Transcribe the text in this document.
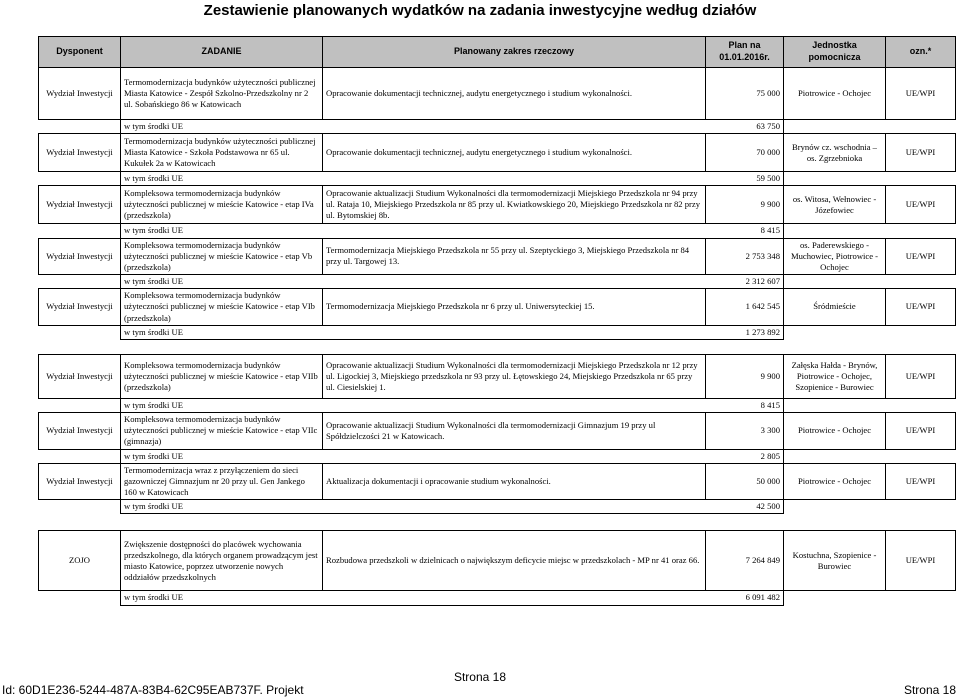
Zestawienie planowanych wydatków na zadania inwestycyjne według działów
Dysponent	ZADANIE	Planowany zakres rzeczowy	Plan na 01.01.2016r.	Jednostka pomocnicza	ozn.*
Wydział Inwestycji	Termomodernizacja budynków użyteczności publicznej Miasta Katowice - Zespół Szkolno-Przedszkolny nr 2 ul. Sobańskiego 86 w Katowicach	Opracowanie dokumentacji technicznej, audytu energetycznego i studium wykonalności.	75 000	Piotrowice - Ochojec	UE/WPI
	w tym środki UE		63 750		
Wydział Inwestycji	Termomodernizacja budynków użyteczności publicznej Miasta Katowice - Szkoła Podstawowa nr 65 ul. Kukułek 2a w Katowicach	Opracowanie dokumentacji technicznej, audytu energetycznego i studium wykonalności.	70 000	Brynów cz. wschodnia – os. Zgrzebnioka	UE/WPI
	w tym środki UE		59 500		
Wydział Inwestycji	Kompleksowa termomodernizacja budynków użyteczności publicznej w mieście Katowice - etap IVa (przedszkola)	Opracowanie aktualizacji Studium Wykonalności dla termomodernizacji Miejskiego Przedszkola nr 94 przy ul. Rataja 10, Miejskiego Przedszkola nr 85 przy ul. Kwiatkowskiego 20, Miejskiego Przedszkola nr 82 przy ul. Bytomskiej 8b.	9 900	os. Witosa, Wełnowiec - Józefowiec	UE/WPI
	w tym środki UE		8 415		
Wydział Inwestycji	Kompleksowa termomodernizacja budynków użyteczności publicznej w mieście Katowice - etap Vb (przedszkola)	Termomodernizacja Miejskiego Przedszkola nr 55 przy ul. Szeptyckiego 3, Miejskiego Przedszkola nr 84 przy ul. Targowej 13.	2 753 348	os. Paderewskiego - Muchowiec, Piotrowice - Ochojec	UE/WPI
	w tym środki UE		2 312 607		
Wydział Inwestycji	Kompleksowa termomodernizacja budynków użyteczności publicznej w mieście Katowice - etap VIb (przedszkola)	Termomodernizacja Miejskiego Przedszkola nr 6 przy ul. Uniwersyteckiej 15.	1 642 545	Śródmieście	UE/WPI
	w tym środki UE		1 273 892		

Wydział Inwestycji	Kompleksowa termomodernizacja budynków użyteczności publicznej w mieście Katowice - etap VIIb (przedszkola)	Opracowanie aktualizacji Studium Wykonalności dla termomodernizacji Miejskiego Przedszkola nr 12 przy ul. Ligockiej 3, Miejskiego przedszkola nr 93 przy ul. Łętowskiego 24, Miejskiego Przedszkola nr 65 przy ul. Ciesielskiej 1.	9 900	Załęska Hałda - Brynów, Piotrowice - Ochojec, Szopienice - Burowiec	UE/WPI
	w tym środki UE		8 415		
Wydział Inwestycji	Kompleksowa termomodernizacja budynków użyteczności publicznej w mieście Katowice - etap VIIc (gimnazja)	Opracowanie aktualizacji Studium Wykonalności dla termomodernizacji Gimnazjum 19 przy ul Spółdzielczości 21 w Katowicach.	3 300	Piotrowice - Ochojec	UE/WPI
	w tym środki UE		2 805		
Wydział Inwestycji	Termomodernizacja wraz z przyłączeniem do sieci gazowniczej Gimnazjum nr 20 przy ul. Gen Jankego 160 w Katowicach	Aktualizacja dokumentacji i opracowanie studium wykonalności.	50 000	Piotrowice - Ochojec	UE/WPI
	w tym środki UE		42 500		

ZOJO	Zwiększenie dostępności do placówek wychowania przedszkolnego, dla których organem prowadzącym jest miasto Katowice, poprzez utworzenie nowych oddziałów przedszkolnych	Rozbudowa przedszkoli w dzielnicach o największym deficycie miejsc w przedszkolach - MP nr 41 oraz 66.	7 264 849	Kostuchna, Szopienice - Burowiec	UE/WPI
	w tym środki UE		6 091 482		
Strona 18
Id: 60D1E236-5244-487A-83B4-62C95EAB737F. Projekt	Strona 18
